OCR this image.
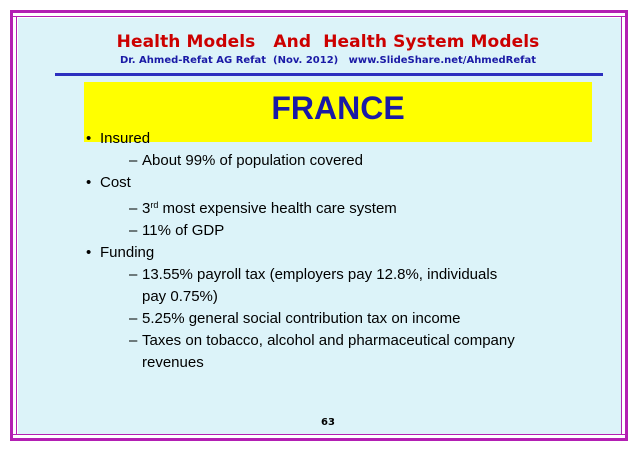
Health Models   And  Health System Models
Dr. Ahmed-Refat AG Refat  (Nov. 2012)   www.SlideShare.net/AhmedRefat
FRANCE
63
• Insured
– About 99% of population covered
• Cost
– 3rd most expensive health care system
– 11% of GDP
• Funding
– 13.55% payroll tax (employers pay 12.8%, individuals
pay 0.75%)
– 5.25% general social contribution tax on income
– Taxes on tobacco, alcohol and pharmaceutical company
revenues
